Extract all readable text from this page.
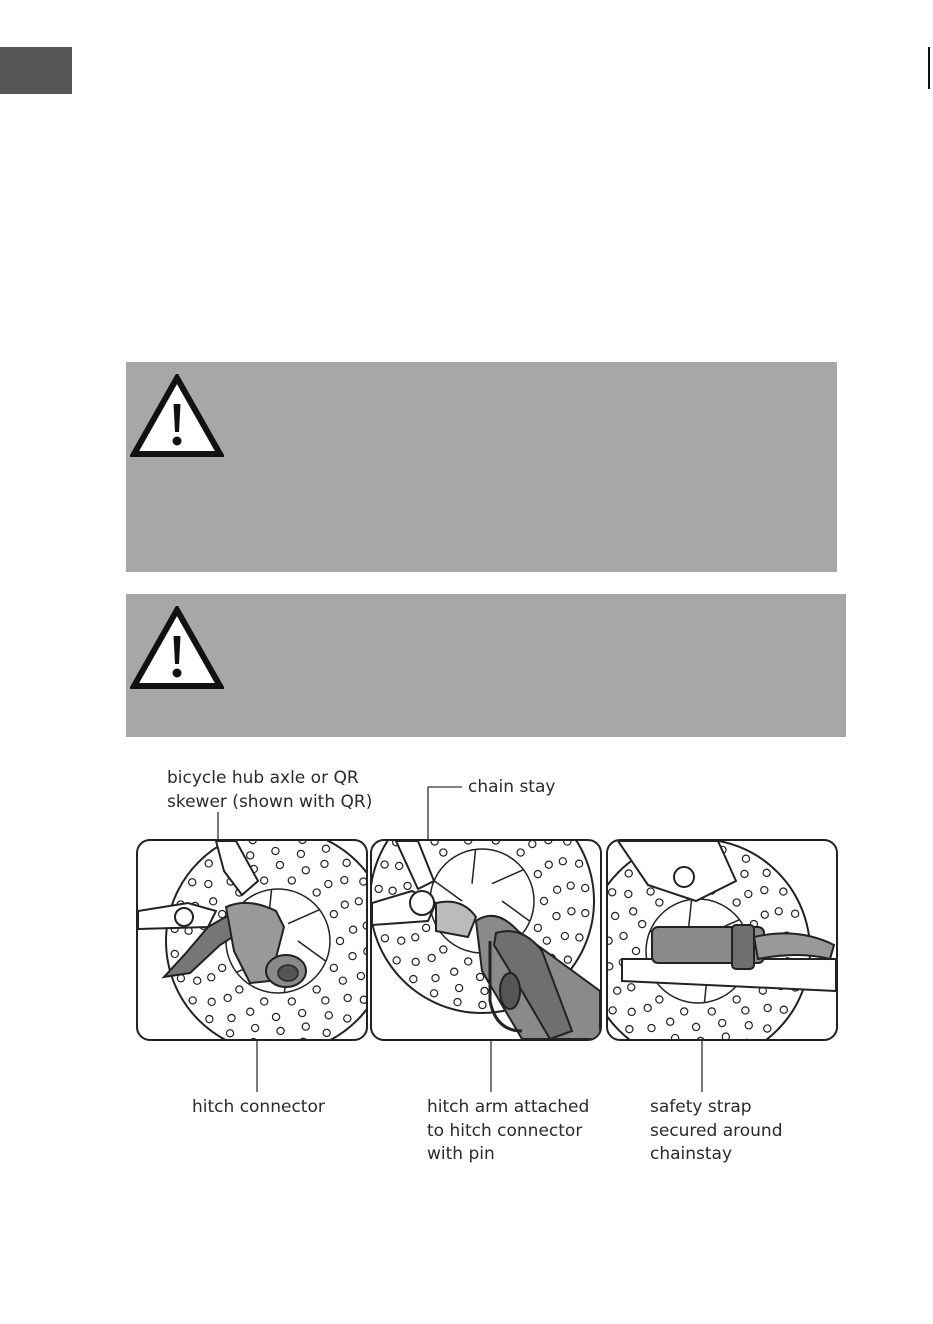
bicycle hub axle or QR
skewer (shown with QR)
chain stay
hitch connector	hitch arm attached
to hitch connector
with pin
safety strap
secured around
chainstay
